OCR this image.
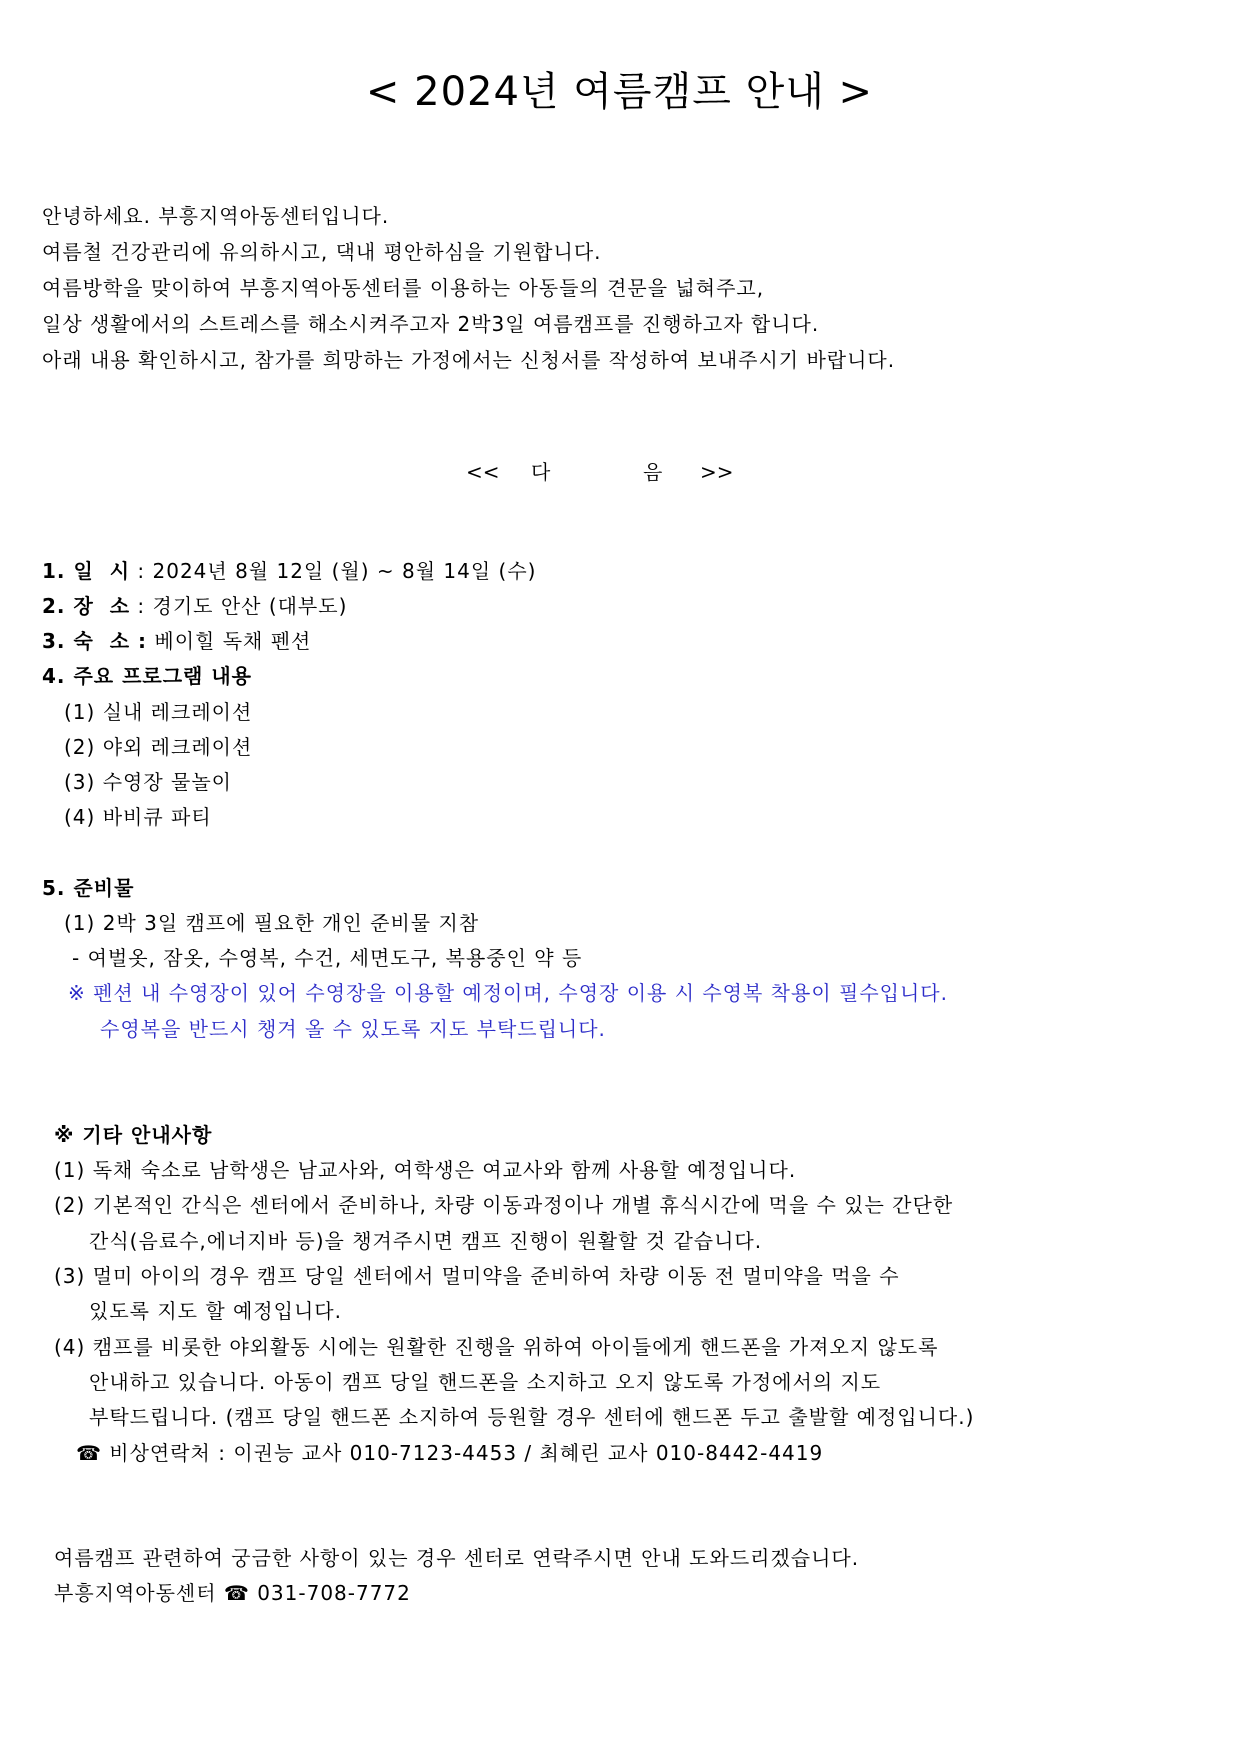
< 2024년 여름캠프 안내 >
안녕하세요. 부흥지역아동센터입니다.
여름철 건강관리에 유의하시고, 댁내 평안하심을 기원합니다.
여름방학을 맞이하여 부흥지역아동센터를 이용하는 아동들의 견문을 넓혀주고,
일상 생활에서의 스트레스를 해소시켜주고자 2박3일 여름캠프를 진행하고자 합니다.
아래 내용 확인하시고, 참가를 희망하는 가정에서는 신청서를 작성하여 보내주시기 바랍니다.
<< 다	음 >>
1. 일  시 : 2024년 8월 12일 (월) ~ 8월 14일 (수)
2. 장  소 : 경기도 안산 (대부도)
3. 숙  소 : 베이힐 독채 펜션
4. 주요 프로그램 내용
(1) 실내 레크레이션
(2) 야외 레크레이션
(3) 수영장 물놀이
(4) 바비큐 파티
5. 준비물
(1) 2박 3일 캠프에 필요한 개인 준비물 지참
- 여벌옷, 잠옷, 수영복, 수건, 세면도구, 복용중인 약 등
※ 펜션 내 수영장이 있어 수영장을 이용할 예정이며, 수영장 이용 시 수영복 착용이 필수입니다.
수영복을 반드시 챙겨 올 수 있도록 지도 부탁드립니다.
※ 기타 안내사항
(1) 독채 숙소로 남학생은 남교사와, 여학생은 여교사와 함께 사용할 예정입니다.
(2) 기본적인 간식은 센터에서 준비하나, 차량 이동과정이나 개별 휴식시간에 먹을 수 있는 간단한
간식(음료수,에너지바 등)을 챙겨주시면 캠프 진행이 원활할 것 같습니다.
(3) 멀미 아이의 경우 캠프 당일 센터에서 멀미약을 준비하여 차량 이동 전 멀미약을 먹을 수
있도록 지도 할 예정입니다.
(4) 캠프를 비롯한 야외활동 시에는 원활한 진행을 위하여 아이들에게 핸드폰을 가져오지 않도록
안내하고 있습니다. 아동이 캠프 당일 핸드폰을 소지하고 오지 않도록 가정에서의 지도
부탁드립니다. (캠프 당일 핸드폰 소지하여 등원할 경우 센터에 핸드폰 두고 출발할 예정입니다.)
☎ 비상연락처 : 이권능 교사 010-7123-4453 / 최혜린 교사 010-8442-4419
여름캠프 관련하여 궁금한 사항이 있는 경우 센터로 연락주시면 안내 도와드리겠습니다.
부흥지역아동센터 ☎ 031-708-7772
